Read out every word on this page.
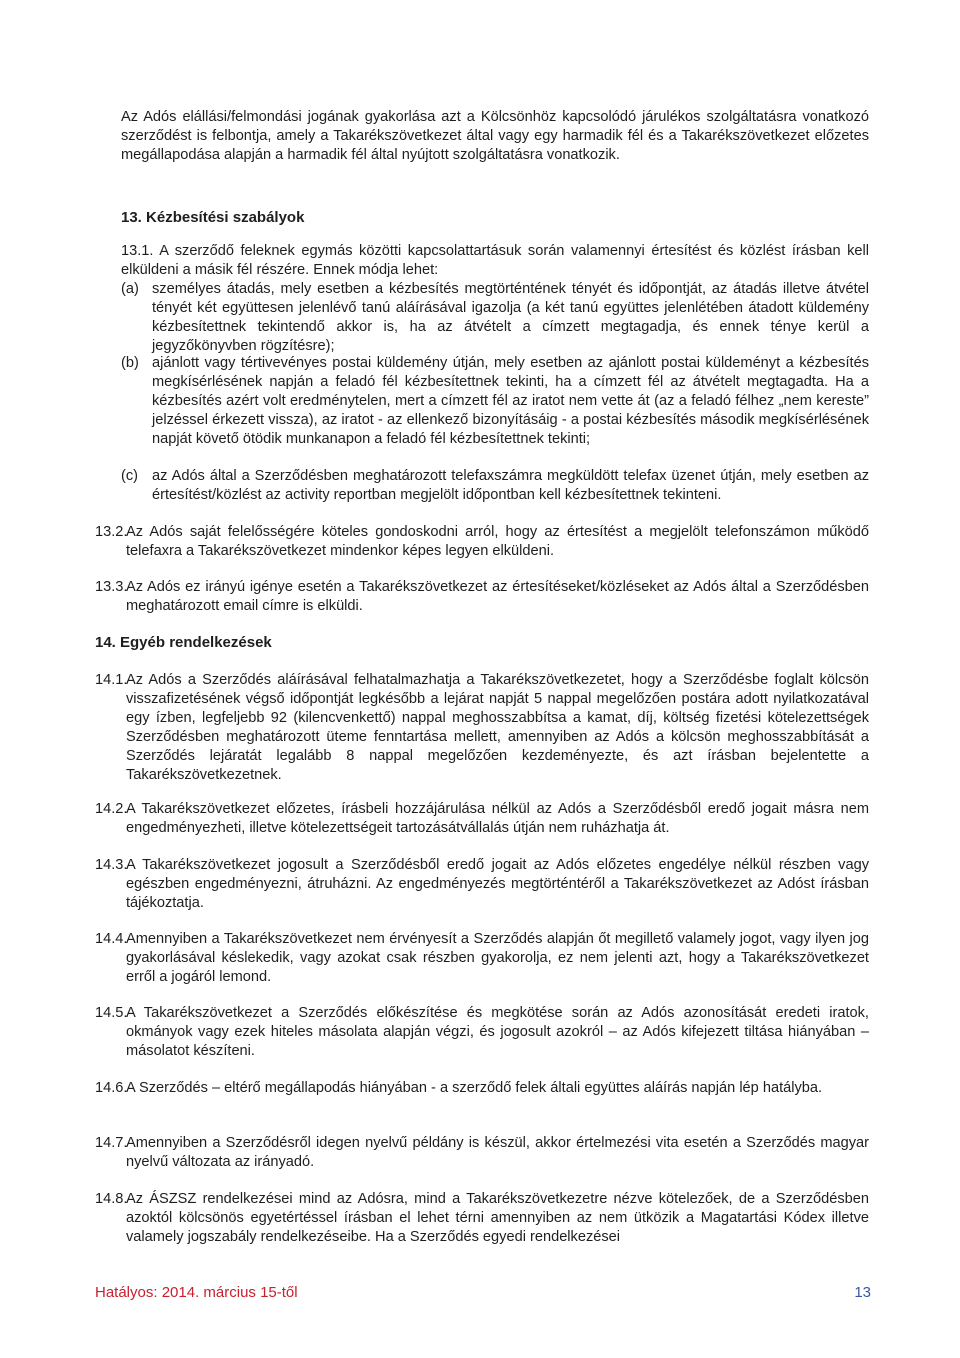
Az Adós elállási/felmondási jogának gyakorlása azt a Kölcsönhöz kapcsolódó járulékos szolgáltatásra vonatkozó szerződést is felbontja, amely a Takarékszövetkezet által vagy egy harmadik fél és a Takarékszövetkezet előzetes megállapodása alapján a harmadik fél által nyújtott szolgáltatásra vonatkozik.

13. Kézbesítési szabályok
13.1. A szerződő feleknek egymás közötti kapcsolattartásuk során valamennyi értesítést és közlést írásban kell elküldeni a másik fél részére. Ennek módja lehet:
(a) személyes átadás, mely esetben a kézbesítés megtörténtének tényét és időpontját, az átadás illetve átvétel tényét két együttesen jelenlévő tanú aláírásával igazolja (a két tanú együttes jelenlétében átadott küldemény kézbesítettnek tekintendő akkor is, ha az átvételt a címzett megtagadja, és ennek ténye kerül a jegyzőkönyvben rögzítésre);
(b) ajánlott vagy tértivevényes postai küldemény útján, mely esetben az ajánlott postai küldeményt a kézbesítés megkísérlésének napján a feladó fél kézbesítettnek tekinti, ha a címzett fél az átvételt megtagadta. Ha a kézbesítés azért volt eredménytelen, mert a címzett fél az iratot nem vette át (az a feladó félhez „nem kereste” jelzéssel érkezett vissza), az iratot - az ellenkező bizonyításáig - a postai kézbesítés második megkísérlésének napját követő ötödik munkanapon a feladó fél kézbesítettnek tekinti;
(c) az Adós által a Szerződésben meghatározott telefaxszámra megküldött telefax üzenet útján, mely esetben az értesítést/közlést az activity reportban megjelölt időpontban kell kézbesítettnek tekinteni.
13.2.
Az Adós saját felelősségére köteles gondoskodni arról, hogy az értesítést a megjelölt telefonszámon működő telefaxra a Takarékszövetkezet mindenkor képes legyen elküldeni.
13.3.
Az Adós ez irányú igénye esetén a Takarékszövetkezet az értesítéseket/közléseket az Adós által a Szerződésben meghatározott email címre is elküldi.
14. Egyéb rendelkezések
14.1.
Az Adós a Szerződés aláírásával felhatalmazhatja a Takarékszövetkezetet, hogy a Szerződésbe foglalt kölcsön visszafizetésének végső időpontját legkésőbb a lejárat napját 5 nappal megelőzően postára adott nyilatkozatával egy ízben, legfeljebb 92 (kilencvenkettő) nappal meghosszabbítsa a kamat, díj, költség fizetési kötelezettségek Szerződésben meghatározott üteme fenntartása mellett, amennyiben az Adós a kölcsön meghosszabbítását a Szerződés lejáratát legalább 8 nappal megelőzően kezdeményezte, és azt írásban bejelentette a Takarékszövetkezetnek.
14.2.
A Takarékszövetkezet előzetes, írásbeli hozzájárulása nélkül az Adós a Szerződésből eredő jogait másra nem engedményezheti, illetve kötelezettségeit tartozásátvállalás útján nem ruházhatja át.
14.3.
A Takarékszövetkezet jogosult a Szerződésből eredő jogait az Adós előzetes engedélye nélkül részben vagy egészben engedményezni, átruházni. Az engedményezés megtörténtéről a Takarékszövetkezet az Adóst írásban tájékoztatja.
14.4.
Amennyiben a Takarékszövetkezet nem érvényesít a Szerződés alapján őt megillető valamely jogot, vagy ilyen jog gyakorlásával késlekedik, vagy azokat csak részben gyakorolja, ez nem jelenti azt, hogy a Takarékszövetkezet erről a jogáról lemond.
14.5.
A Takarékszövetkezet a Szerződés előkészítése és megkötése során az Adós azonosítását eredeti iratok, okmányok vagy ezek hiteles másolata alapján végzi, és jogosult azokról – az Adós kifejezett tiltása hiányában – másolatot készíteni.
14.6.
A Szerződés – eltérő megállapodás hiányában - a szerződő felek általi együttes aláírás napján lép hatályba.
14.7.
Amennyiben a Szerződésről idegen nyelvű példány is készül, akkor értelmezési vita esetén a Szerződés magyar nyelvű változata az irányadó.
14.8.
Az ÁSZSZ rendelkezései mind az Adósra, mind a Takarékszövetkezetre nézve kötelezőek, de a Szerződésben azoktól kölcsönös egyetértéssel írásban el lehet térni amennyiben az nem ütközik a Magatartási Kódex illetve valamely jogszabály rendelkezéseibe. Ha a Szerződés egyedi rendelkezései
Hatályos: 2014. március 15-től	13
